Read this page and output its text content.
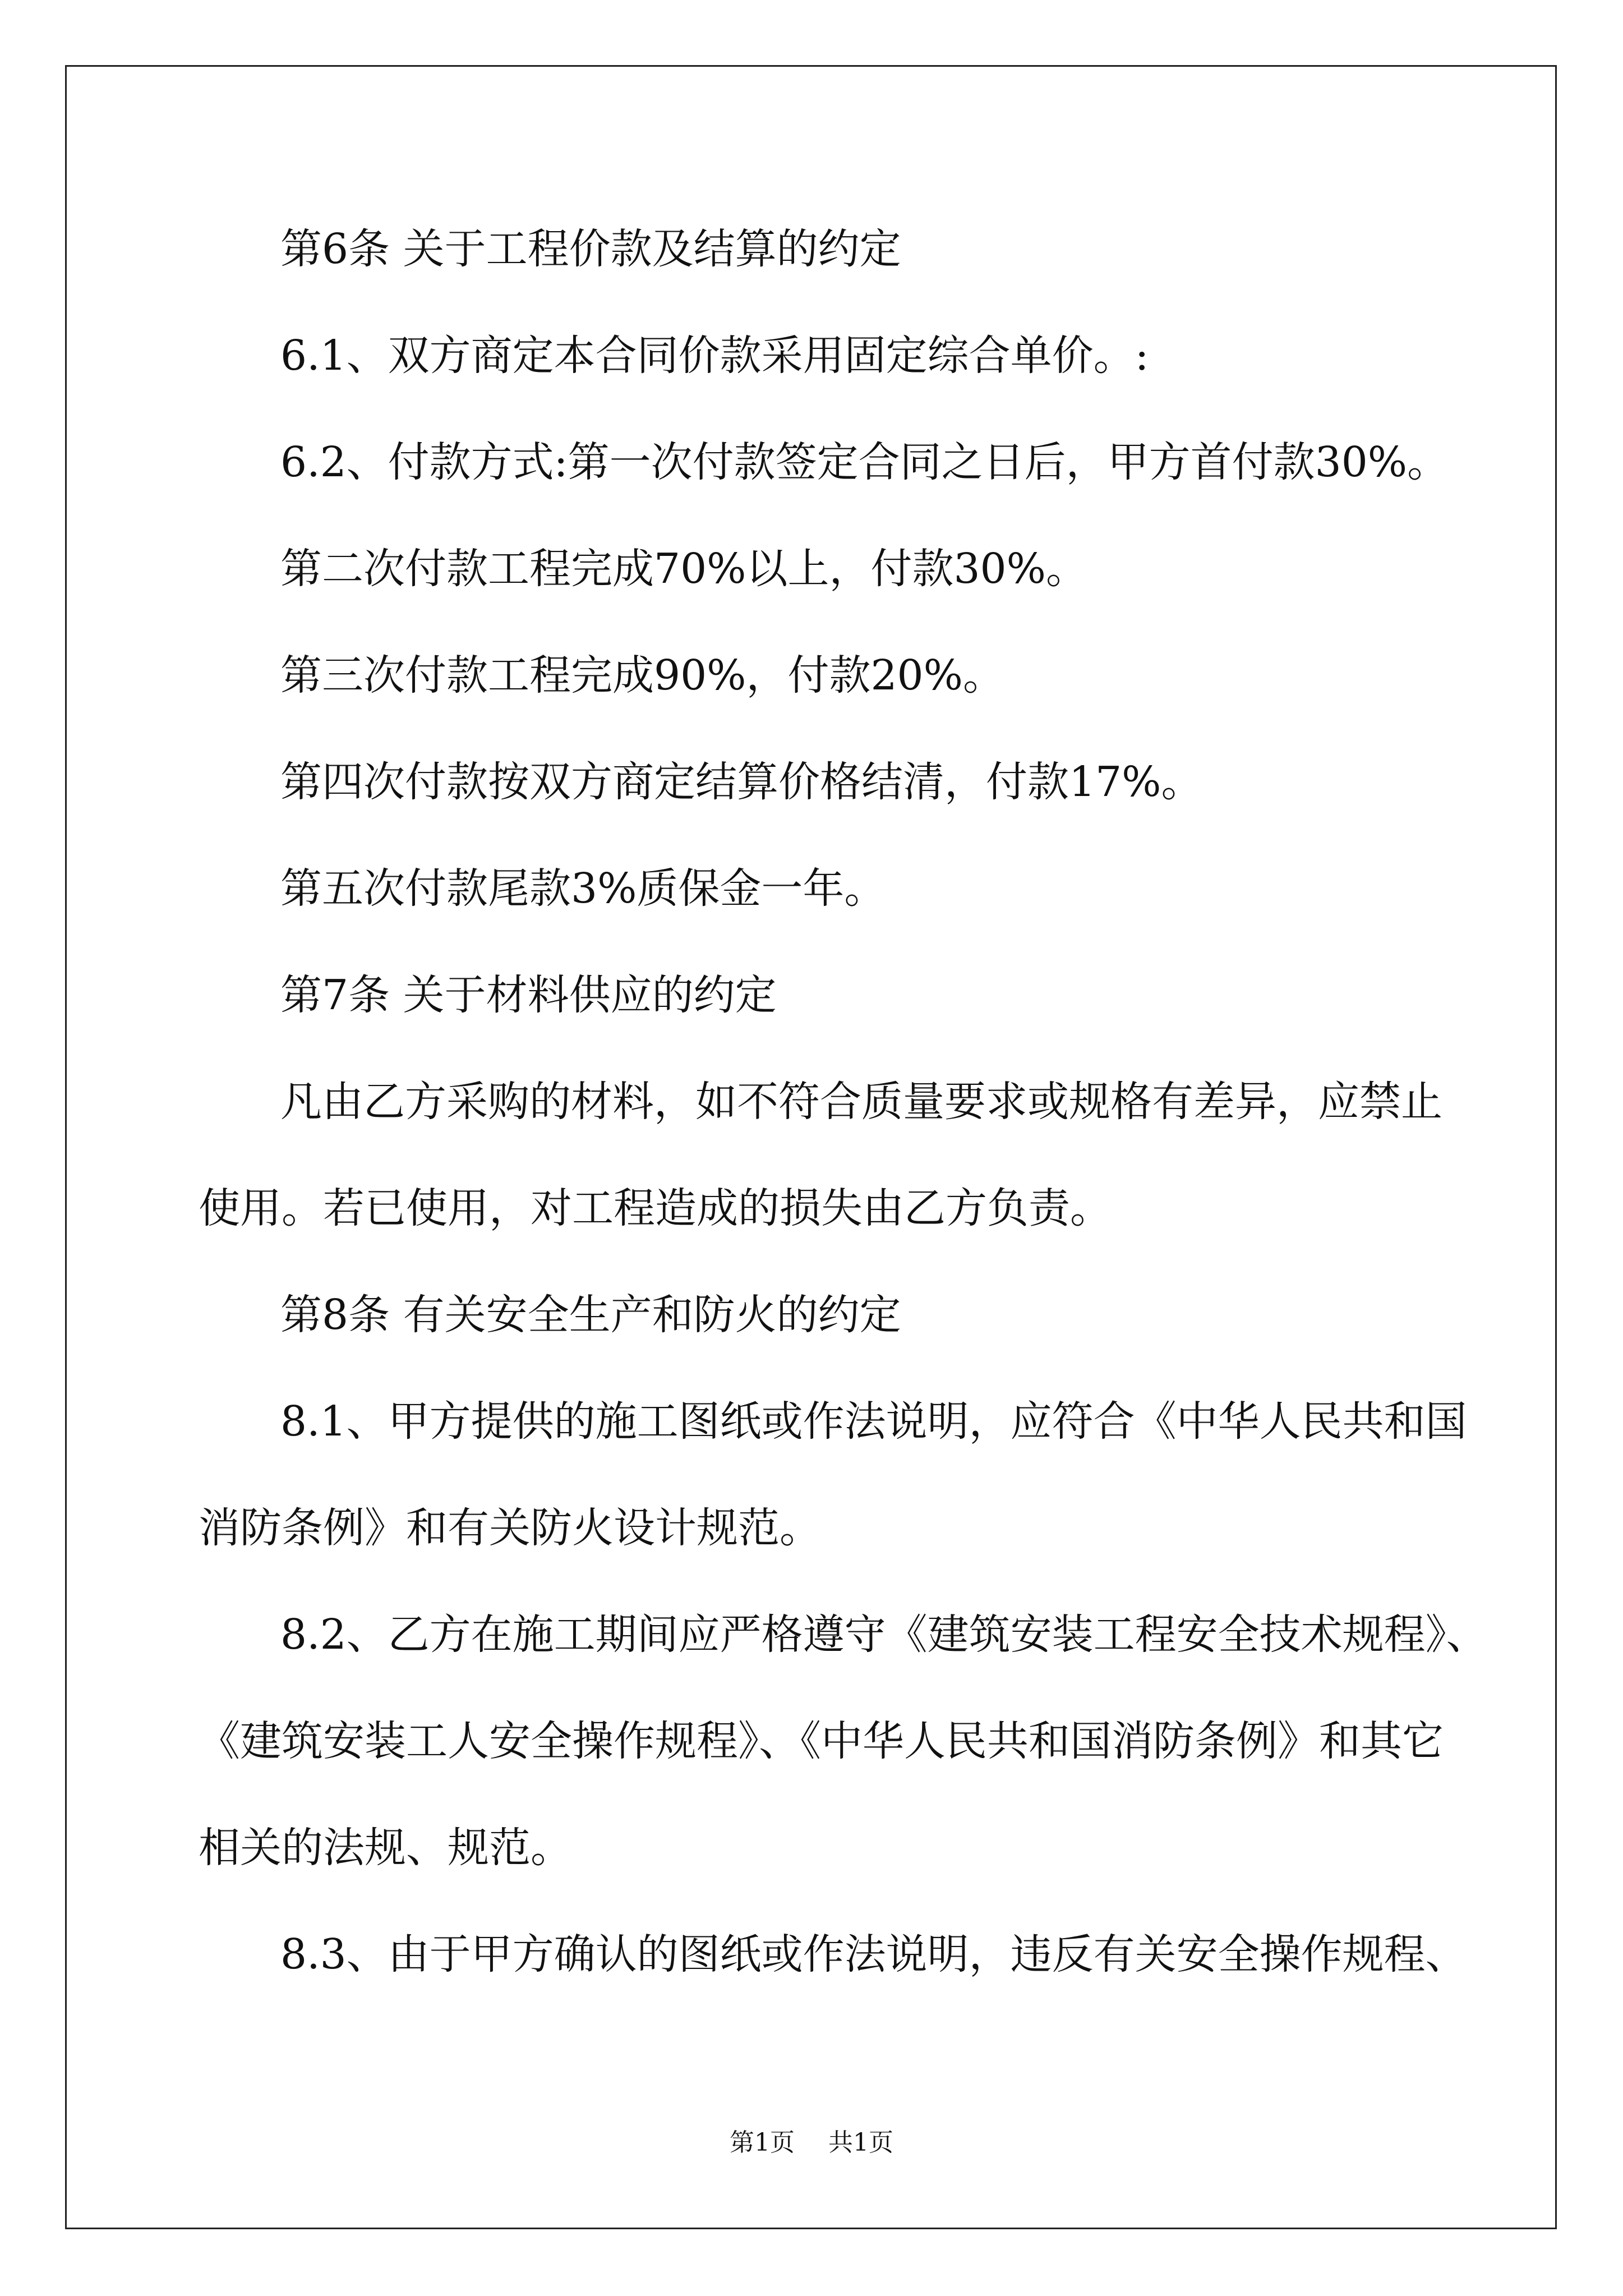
第6条 关于工程价款及结算的约定
6.1、双方商定本合同价款采用固定综合单价。:
6.2、付款方式:第一次付款签定合同之日后，甲方首付款30%。
第二次付款工程完成70%以上，付款30%。
第三次付款工程完成90%，付款20%。
第四次付款按双方商定结算价格结清，付款17%。
第五次付款尾款3%质保金一年。
第7条 关于材料供应的约定
凡由乙方采购的材料，如不符合质量要求或规格有差异，应禁止
使用。若已使用，对工程造成的损失由乙方负责。
第8条 有关安全生产和防火的约定
8.1、甲方提供的施工图纸或作法说明，应符合《中华人民共和国
消防条例》和有关防火设计规范。
8.2、乙方在施工期间应严格遵守《建筑安装工程安全技术规程》、
《建筑安装工人安全操作规程》、《中华人民共和国消防条例》和其它
相关的法规、规范。
8.3、由于甲方确认的图纸或作法说明，违反有关安全操作规程、
第1页 共1页
